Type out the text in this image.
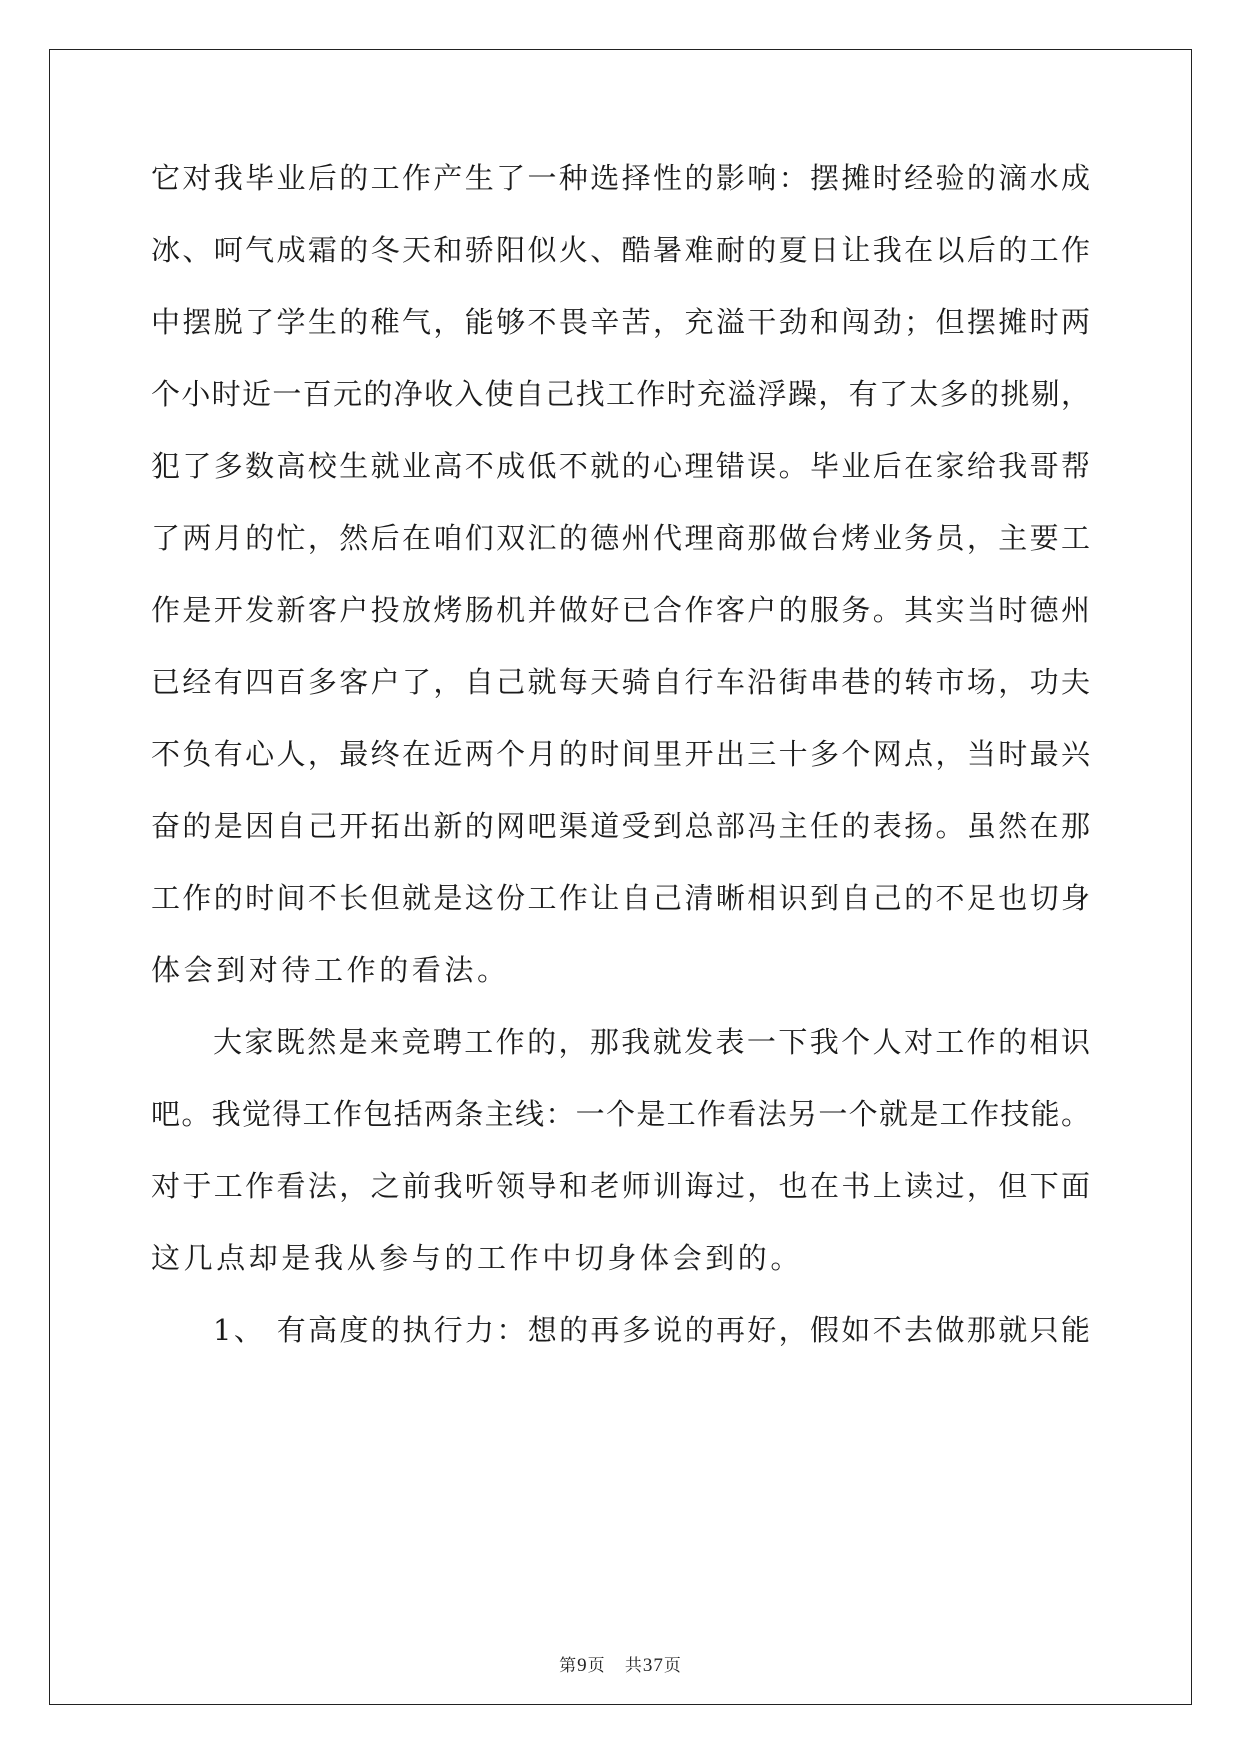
它对我毕业后的工作产生了一种选择性的影响：摆摊时经验的滴水成
冰、呵气成霜的冬天和骄阳似火、酷暑难耐的夏日让我在以后的工作
中摆脱了学生的稚气，能够不畏辛苦，充溢干劲和闯劲；但摆摊时两
个小时近一百元的净收入使自己找工作时充溢浮躁，有了太多的挑剔，
犯了多数高校生就业高不成低不就的心理错误。毕业后在家给我哥帮
了两月的忙，然后在咱们双汇的德州代理商那做台烤业务员，主要工
作是开发新客户投放烤肠机并做好已合作客户的服务。其实当时德州
已经有四百多客户了，自己就每天骑自行车沿街串巷的转市场，功夫
不负有心人，最终在近两个月的时间里开出三十多个网点，当时最兴
奋的是因自己开拓出新的网吧渠道受到总部冯主任的表扬。虽然在那
工作的时间不长但就是这份工作让自己清晰相识到自己的不足也切身
体会到对待工作的看法。
大家既然是来竞聘工作的，那我就发表一下我个人对工作的相识
吧。我觉得工作包括两条主线：一个是工作看法另一个就是工作技能。
对于工作看法，之前我听领导和老师训诲过，也在书上读过，但下面
这几点却是我从参与的工作中切身体会到的。
1、 有高度的执行力：想的再多说的再好，假如不去做那就只能
第9页 共37页
